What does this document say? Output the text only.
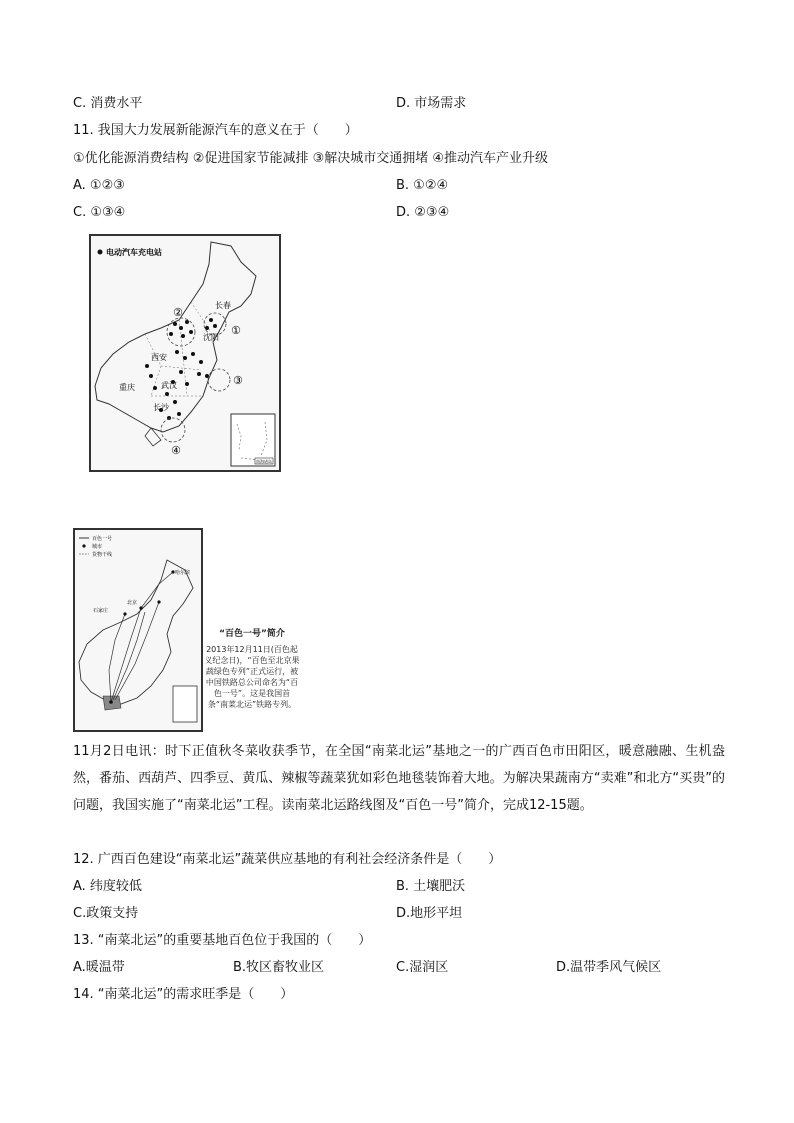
C. 消费水平	D. 市场需求
11. 我国大力发展新能源汽车的意义在于（　　）
①优化能源消费结构 ②促进国家节能减排 ③解决城市交通拥堵 ④推动汽车产业升级
A. ①②③	B. ①②④
C. ①③④	D. ②③④
电动汽车充电站
①
②
③
④
长春
沈阳
西安
重庆	武汉
长沙
南海诸岛
百色一号
城市
货物干线
哈尔滨
北京
石家庄
“百色一号”简介
2013年12月11日(百色起义纪念日)，“百色至北京果蔬绿色专列”正式运行，被中国铁路总公司命名为“百色一号”。这是我国首条“南菜北运”铁路专列。
11月2日电讯：时下正值秋冬菜收获季节，在全国“南菜北运”基地之一的广西百色市田阳区，暖意融融、生机盎然，番茄、西葫芦、四季豆、黄瓜、辣椒等蔬菜犹如彩色地毯装饰着大地。为解决果蔬南方“卖难”和北方“买贵”的问题，我国实施了“南菜北运”工程。读南菜北运路线图及“百色一号”简介，完成12-15题。
12. 广西百色建设“南菜北运”蔬菜供应基地的有利社会经济条件是（　　）
A. 纬度较低	B. 土壤肥沃
C.政策支持	D.地形平坦
13. “南菜北运”的重要基地百色位于我国的（　　）
A.暖温带	B.牧区畜牧业区	C.湿润区	D.温带季风气候区
14. “南菜北运”的需求旺季是（　　）
